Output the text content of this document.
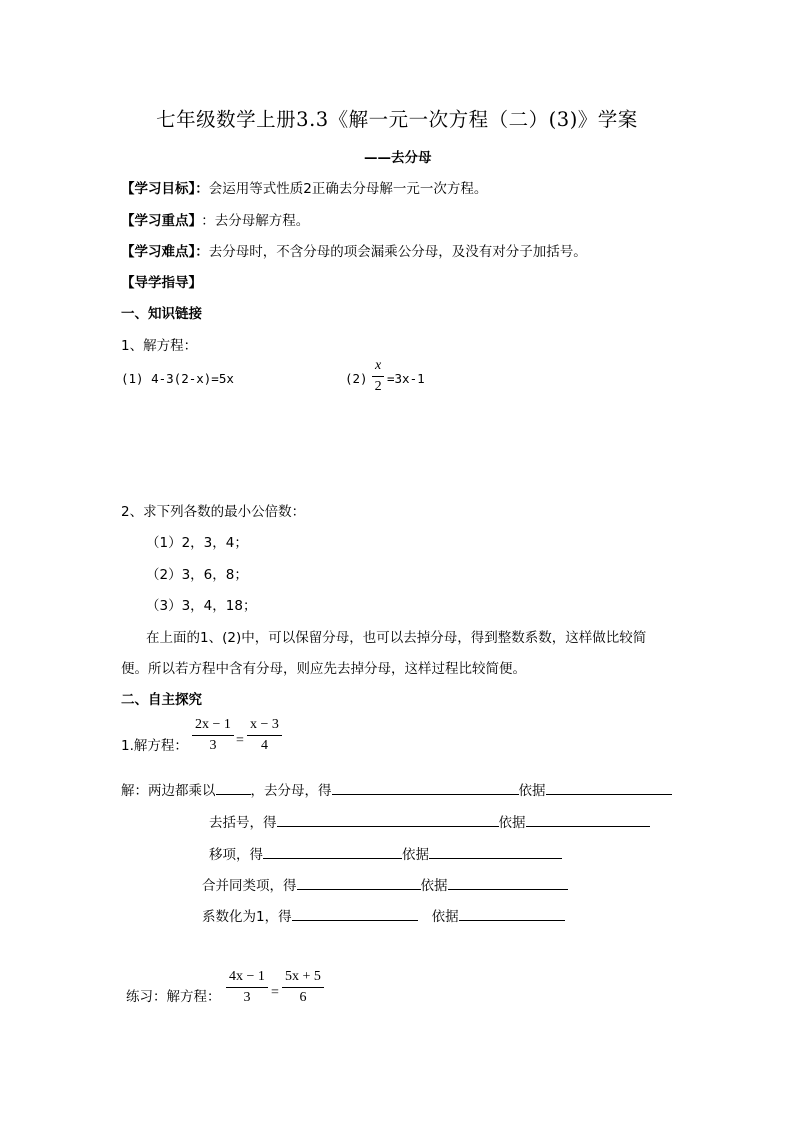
七年级数学上册3.3《解一元一次方程（二）(3)》学案
——去分母
【学习目标】：会运用等式性质2正确去分母解一元一次方程。
【学习重点】 ：去分母解方程。
【学习难点】：去分母时，不含分母的项会漏乘公分母，及没有对分子加括号。
【导学指导】
一、知识链接
1、解方程：
(1) 4-3(2-x)=5x	$(2) \frac{x}{2} =3x-1$
2、求下列各数的最小公倍数：
（1）2，3，4；
（2）3，6，8；
（3）3，4，18；
在上面的1、(2)中，可以保留分母，也可以去掉分母，得到整数系数，这样做比较简
便。所以若方程中含有分母，则应先去掉分母，这样过程比较简便。
二、自主探究
1.解方程： $\frac{2x - 1}{3} = \frac{x - 3}{4}$
解：两边都乘以	，去分母，得	依据
去括号，得	依据
移项，得	依据
合并同类项，得	依据
系数化为1，得	依据
练习：解方程： $\frac{4x - 1}{3} = \frac{5x + 5}{6}$
